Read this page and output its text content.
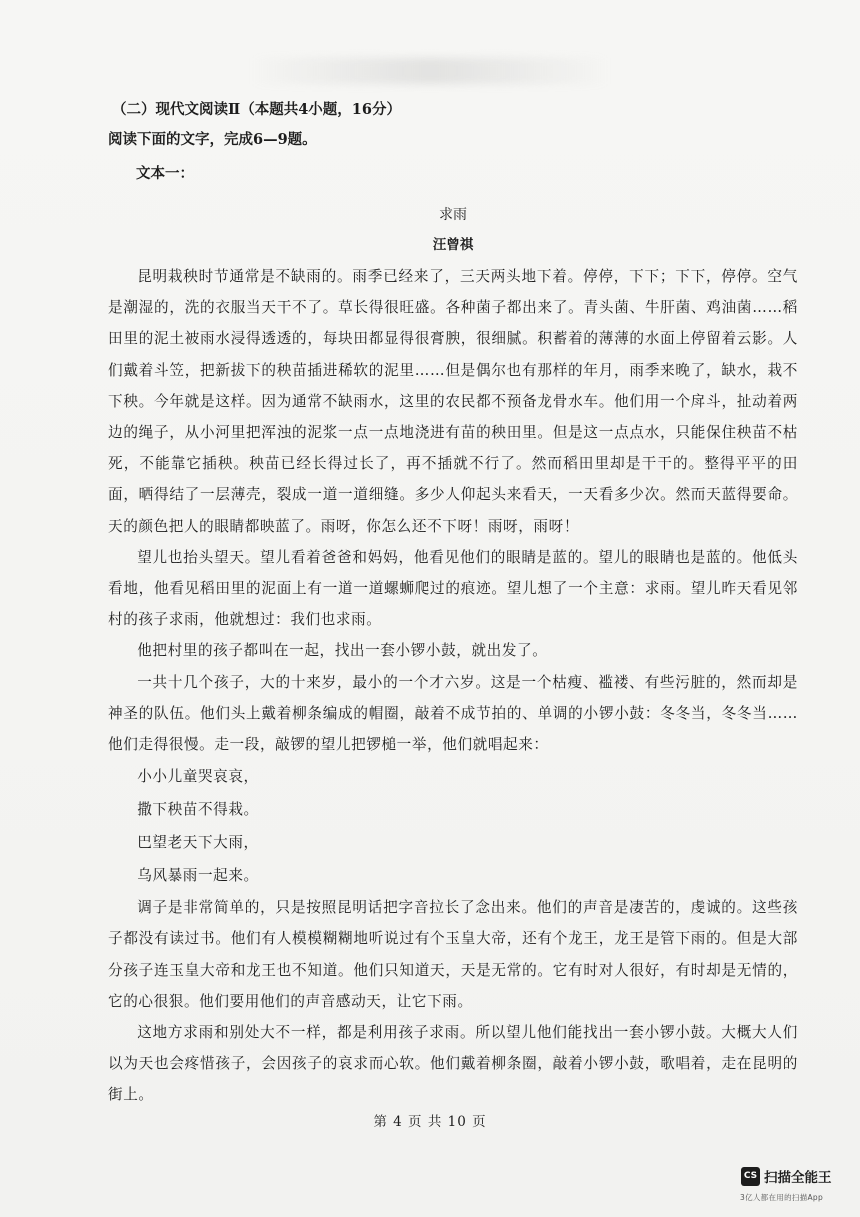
（二）现代文阅读Ⅱ（本题共4小题，16分）
阅读下面的文字，完成6—9题。
文本一：
求雨
汪曾祺

昆明栽秧时节通常是不缺雨的。雨季已经来了，三天两头地下着。停停，下下；下下，停停。空气是潮湿的，洗的衣服当天干不了。草长得很旺盛。各种菌子都出来了。青头菌、牛肝菌、鸡油菌……稻田里的泥土被雨水浸得透透的，每块田都显得很膏腴，很细腻。积蓄着的薄薄的水面上停留着云影。人们戴着斗笠，把新拔下的秧苗插进稀软的泥里……但是偶尔也有那样的年月，雨季来晚了，缺水，栽不下秧。今年就是这样。因为通常不缺雨水，这里的农民都不预备龙骨水车。他们用一个戽斗，扯动着两边的绳子，从小河里把浑浊的泥浆一点一点地浇进有苗的秧田里。但是这一点点水，只能保住秧苗不枯死，不能靠它插秧。秧苗已经长得过长了，再不插就不行了。然而稻田里却是干干的。整得平平的田面，晒得结了一层薄壳，裂成一道一道细缝。多少人仰起头来看天，一天看多少次。然而天蓝得要命。天的颜色把人的眼睛都映蓝了。雨呀，你怎么还不下呀！雨呀，雨呀！

望儿也抬头望天。望儿看着爸爸和妈妈，他看见他们的眼睛是蓝的。望儿的眼睛也是蓝的。他低头看地，他看见稻田里的泥面上有一道一道螺蛳爬过的痕迹。望儿想了一个主意：求雨。望儿昨天看见邻村的孩子求雨，他就想过：我们也求雨。

他把村里的孩子都叫在一起，找出一套小锣小鼓，就出发了。

一共十几个孩子，大的十来岁，最小的一个才六岁。这是一个枯瘦、褴褛、有些污脏的，然而却是神圣的队伍。他们头上戴着柳条编成的帽圈，敲着不成节拍的、单调的小锣小鼓：冬冬当，冬冬当……他们走得很慢。走一段，敲锣的望儿把锣槌一举，他们就唱起来：

小小儿童哭哀哀，
撒下秧苗不得栽。
巴望老天下大雨，
乌风暴雨一起来。

调子是非常简单的，只是按照昆明话把字音拉长了念出来。他们的声音是凄苦的，虔诚的。这些孩子都没有读过书。他们有人模模糊糊地听说过有个玉皇大帝，还有个龙王，龙王是管下雨的。但是大部分孩子连玉皇大帝和龙王也不知道。他们只知道天，天是无常的。它有时对人很好，有时却是无情的，它的心很狠。他们要用他们的声音感动天，让它下雨。

这地方求雨和别处大不一样，都是利用孩子求雨。所以望儿他们能找出一套小锣小鼓。大概大人们以为天也会疼惜孩子，会因孩子的哀求而心软。他们戴着柳条圈，敲着小锣小鼓，歌唱着，走在昆明的街上。

第 4 页 共 10 页
CS 扫描全能王
3亿人都在用的扫描App
